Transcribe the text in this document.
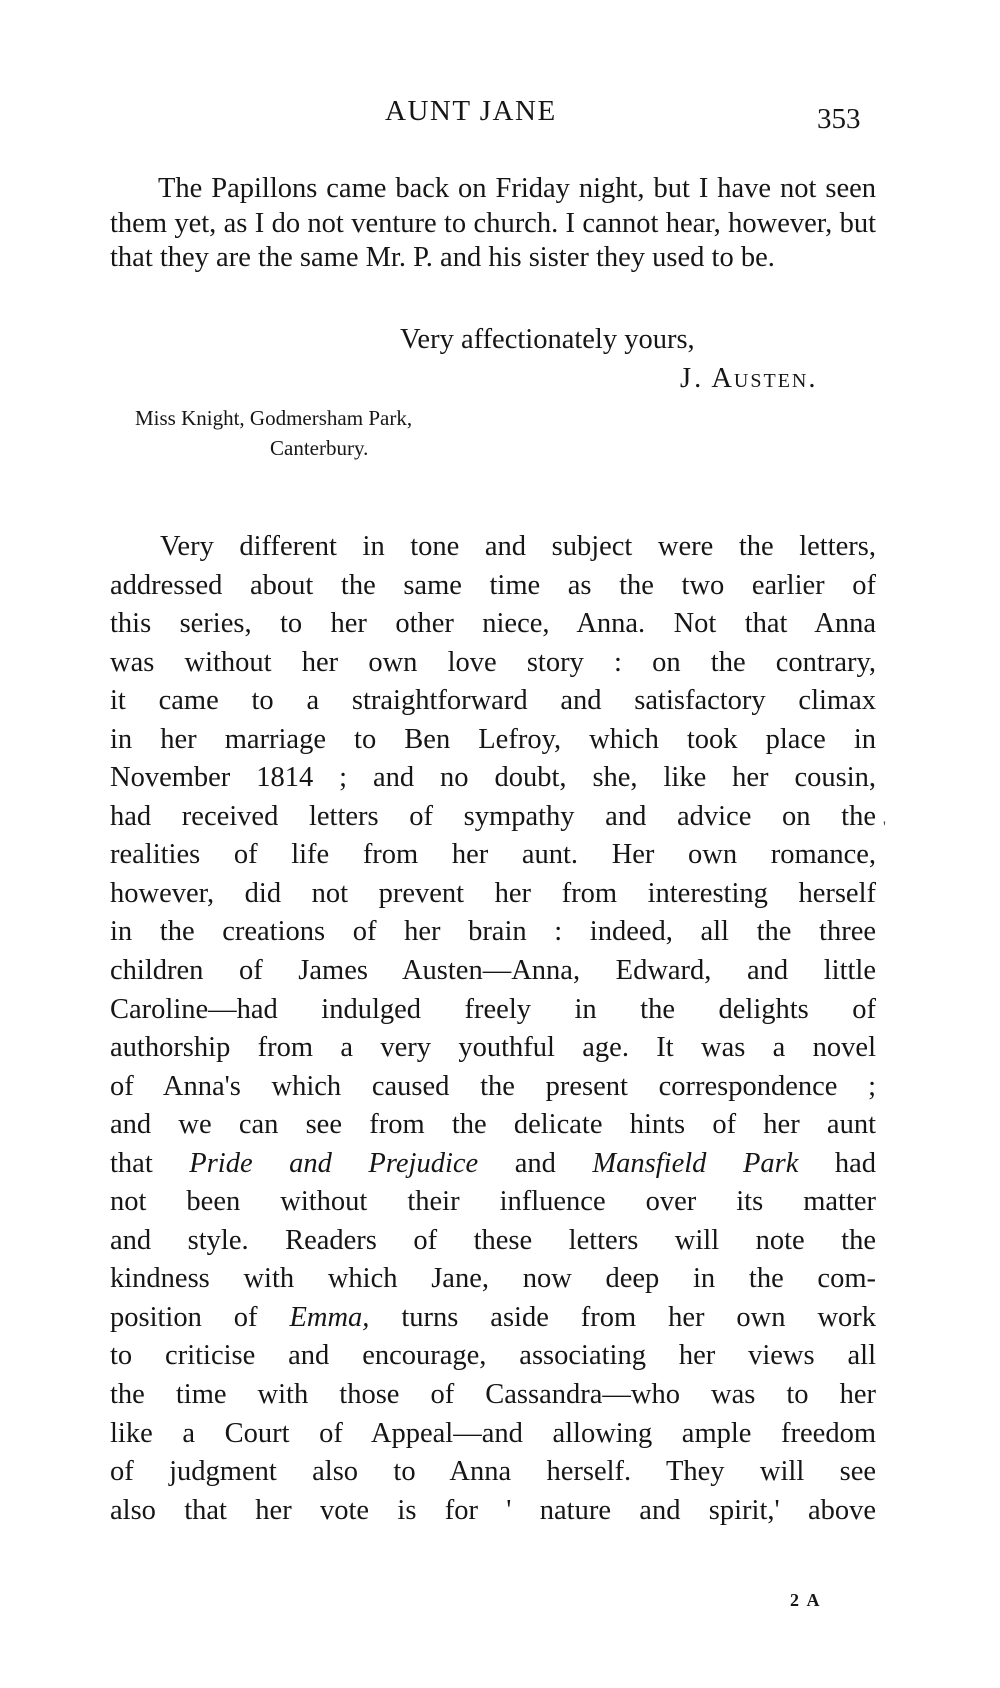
AUNT JANE	353

The Papillons came back on Friday night, but I have not seen them yet, as I do not venture to church. I cannot hear, however, but that they are the same Mr. P. and his sister they used to be.

Very affectionately yours,
J. Austen.
Miss Knight, Godmersham Park,
Canterbury.
Very different in tone and subject were the letters,
addressed about the same time as the two earlier of
this series, to her other niece, Anna. Not that Anna
was without her own love story : on the contrary,
it came to a straightforward and satisfactory climax
in her marriage to Ben Lefroy, which took place in
November 1814 ; and no doubt, she, like her cousin,
had received letters of sympathy and advice on the
realities of life from her aunt. Her own romance,
however, did not prevent her from interesting herself
in the creations of her brain : indeed, all the three
children of James Austen—Anna, Edward, and little
Caroline—had indulged freely in the delights of
authorship from a very youthful age. It was a novel
of Anna's which caused the present correspondence ;
and we can see from the delicate hints of her aunt
that Pride and Prejudice and Mansfield Park had
not been without their influence over its matter
and style. Readers of these letters will note the
kindness with which Jane, now deep in the com-
position of Emma, turns aside from her own work
to criticise and encourage, associating her views all
the time with those of Cassandra—who was to her
like a Court of Appeal—and allowing ample freedom
of judgment also to Anna herself. They will see
also that her vote is for ' nature and spirit,' above
'
2 A
